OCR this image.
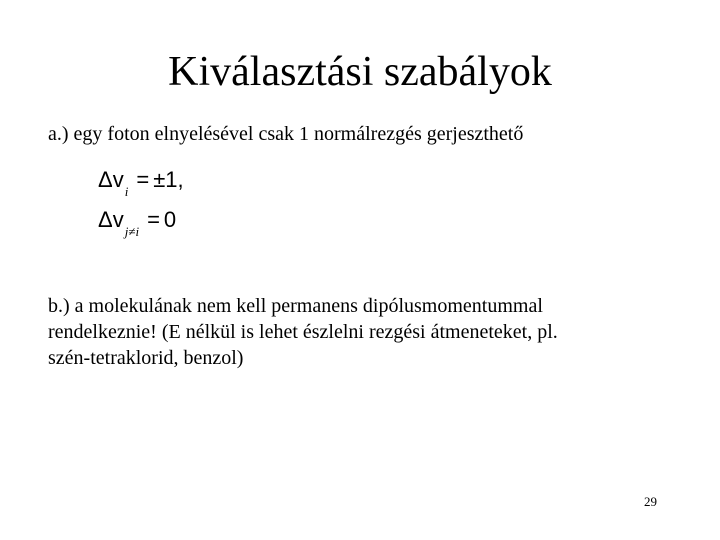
Kiválasztási szabályok
a.) egy foton elnyelésével csak 1 normálrezgés gerjeszthető
Δvi = ±1,
Δvj≠i = 0
b.) a molekulának nem kell permanens dipólusmomentummal
rendelkeznie! (E nélkül is lehet észlelni rezgési átmeneteket, pl.
szén-tetraklorid, benzol)
29
